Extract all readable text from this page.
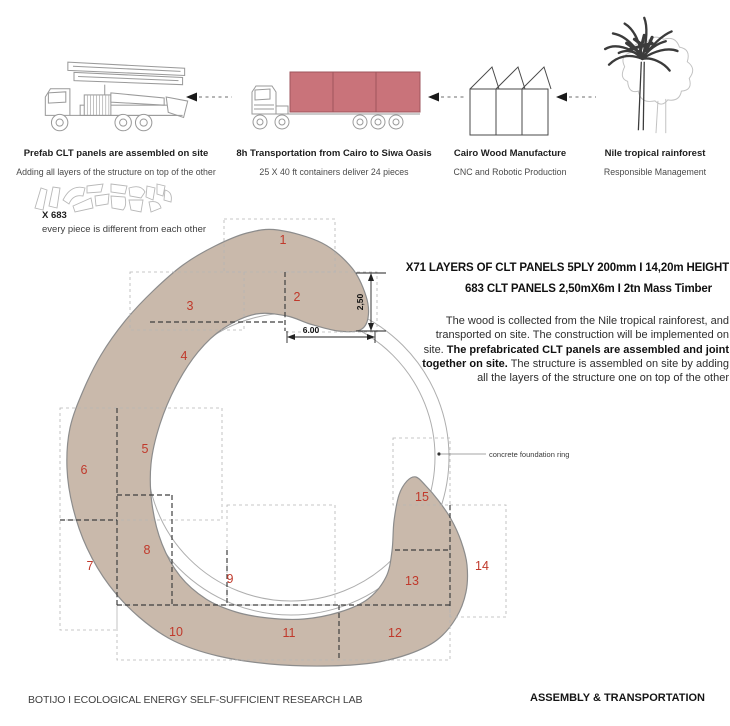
2,50
6.00
concrete foundation ring
1
2
3
4
5
6
7
8
9
10	11	12
13
14
15
Prefab CLT panels are assembled on site
Adding all layers of the structure on top of the other
8h Transportation from Cairo to Siwa Oasis
25 X 40 ft containers deliver 24 pieces
Cairo Wood Manufacture
CNC and Robotic Production
Nile tropical rainforest
Responsible Management
X 683
every piece is different from each other
X71 LAYERS OF CLT PANELS 5PLY 200mm I 14,20m HEIGHT
683 CLT PANELS 2,50mX6m I 2tn Mass Timber
The wood is collected from the Nile tropical rainforest, and transported on site. The construction will be implemented on site. The prefabricated CLT panels are assembled and joint together on site. The structure is assembled on site by adding all the layers of the structure one on top of the other
BOTIJO I ECOLOGICAL ENERGY SELF-SUFFICIENT RESEARCH LAB	ASSEMBLY & TRANSPORTATION
